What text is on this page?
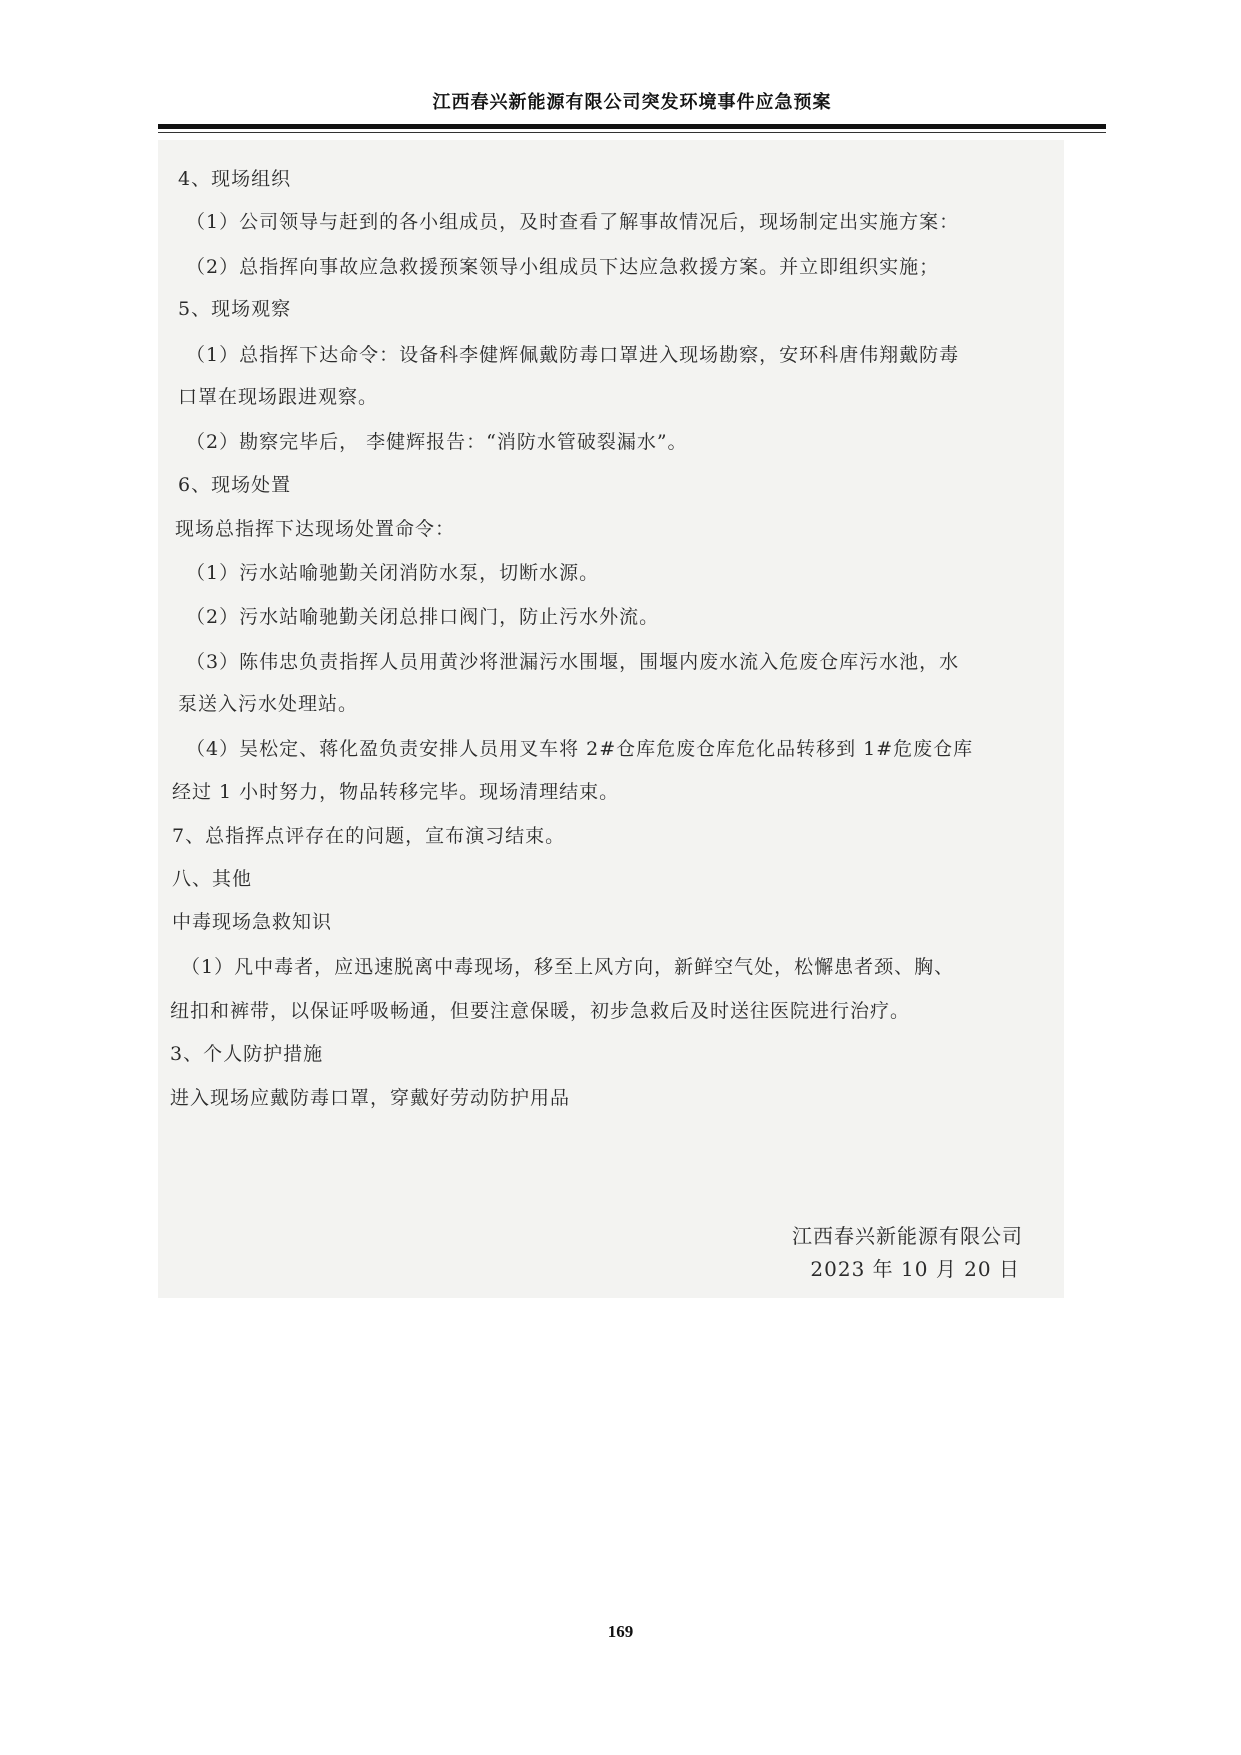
江西春兴新能源有限公司突发环境事件应急预案
4、现场组织
（1）公司领导与赶到的各小组成员，及时查看了解事故情况后，现场制定出实施方案：
（2）总指挥向事故应急救援预案领导小组成员下达应急救援方案。并立即组织实施；
5、现场观察
（1）总指挥下达命令：设备科李健辉佩戴防毒口罩进入现场勘察，安环科唐伟翔戴防毒
口罩在现场跟进观察。
（2）勘察完毕后， 李健辉报告：“消防水管破裂漏水”。
6、现场处置
现场总指挥下达现场处置命令：
（1）污水站喻驰勤关闭消防水泵，切断水源。
（2）污水站喻驰勤关闭总排口阀门，防止污水外流。
（3）陈伟忠负责指挥人员用黄沙将泄漏污水围堰，围堰内废水流入危废仓库污水池，水
泵送入污水处理站。
（4）吴松定、蒋化盈负责安排人员用叉车将 2#仓库危废仓库危化品转移到 1#危废仓库
经过 1 小时努力，物品转移完毕。现场清理结束。
7、总指挥点评存在的问题，宣布演习结束。
八、其他
中毒现场急救知识
（1）凡中毒者，应迅速脱离中毒现场，移至上风方向，新鲜空气处，松懈患者颈、胸、
纽扣和裤带，以保证呼吸畅通，但要注意保暖，初步急救后及时送往医院进行治疗。
3、个人防护措施
进入现场应戴防毒口罩，穿戴好劳动防护用品
江西春兴新能源有限公司
2023 年 10 月 20 日
169
